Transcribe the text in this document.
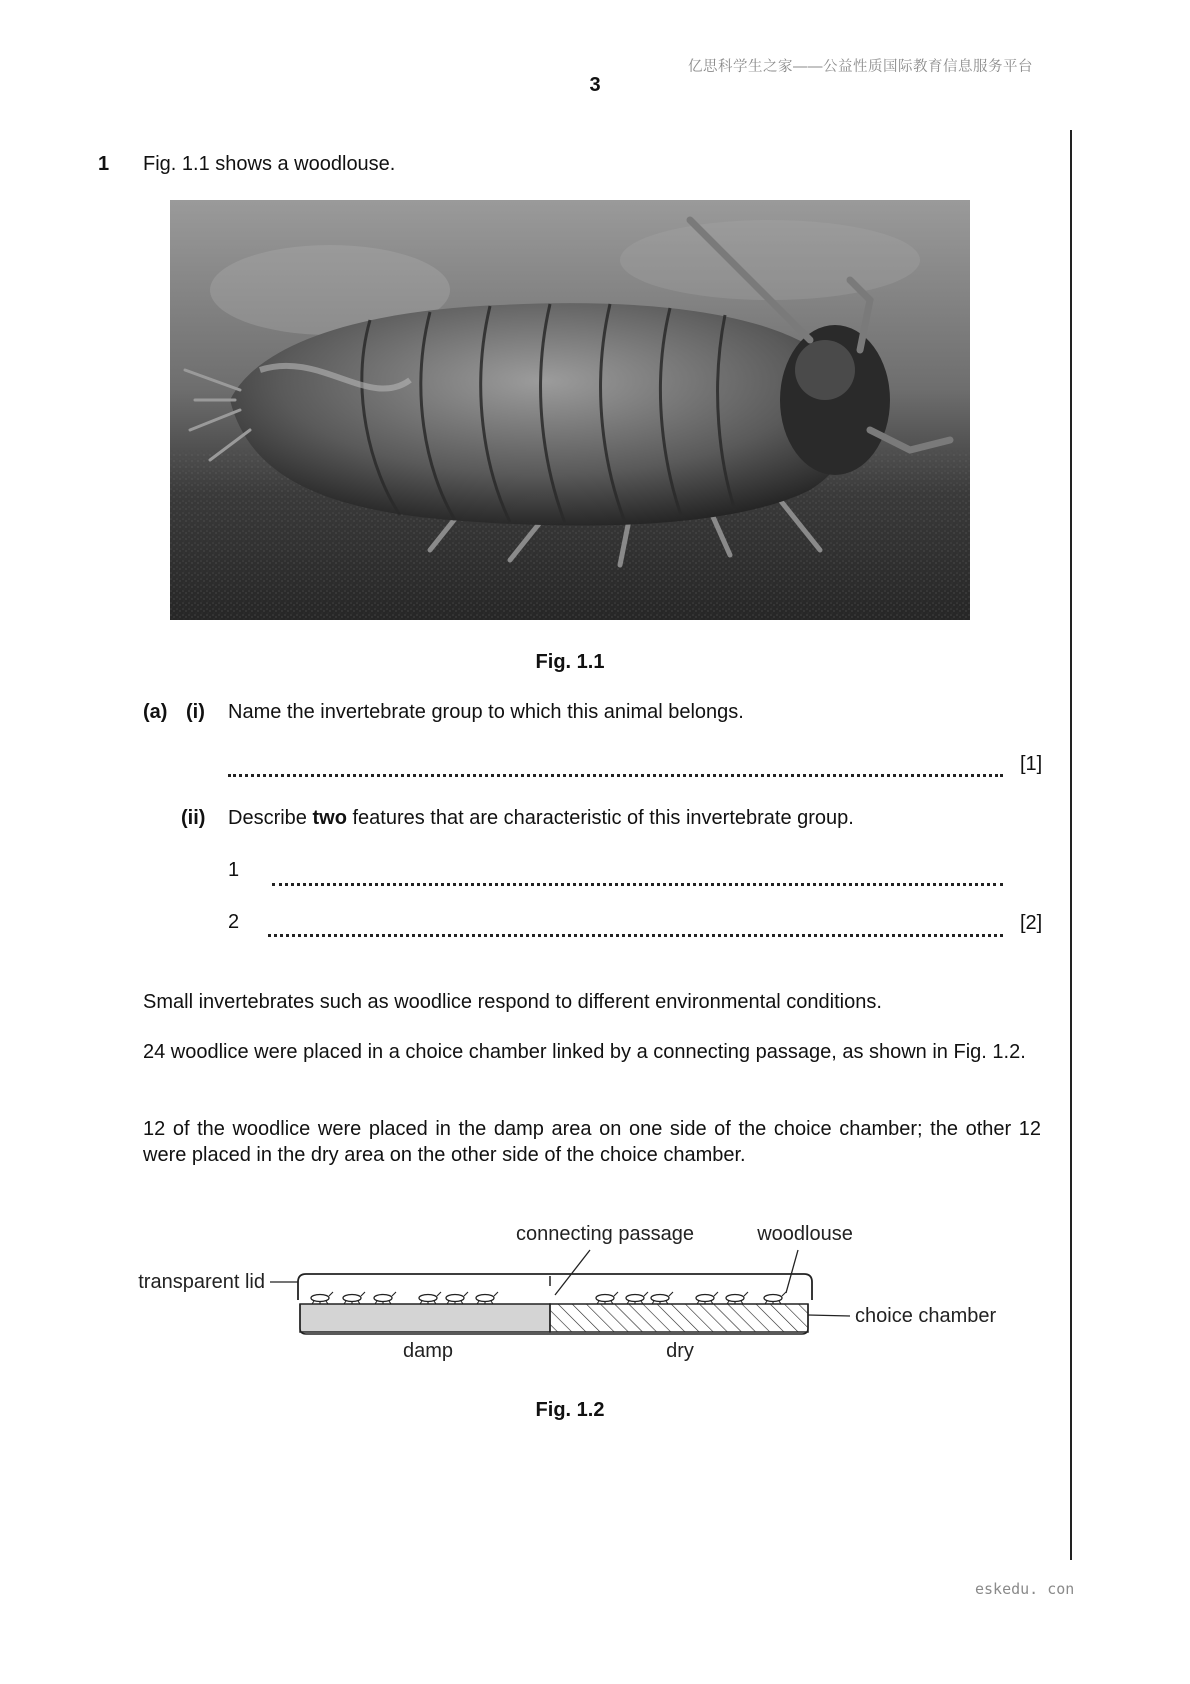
亿思科学生之家——公益性质国际教育信息服务平台
3
1 Fig. 1.1 shows a woodlouse.
Fig. 1.1
(a) (i) Name the invertebrate group to which this animal belongs.
[1]
(ii) Describe two features that are characteristic of this invertebrate group.
1
2	[2]
Small invertebrates such as woodlice respond to different environmental conditions.
24 woodlice were placed in a choice chamber linked by a connecting passage, as shown in Fig. 1.2.
12 of the woodlice were placed in the damp area on one side of the choice chamber; the other 12 were placed in the dry area on the other side of the choice chamber.
connecting passage	woodlouse
transparent lid
choice chamber
damp	dry
Fig. 1.2
eskedu. con
